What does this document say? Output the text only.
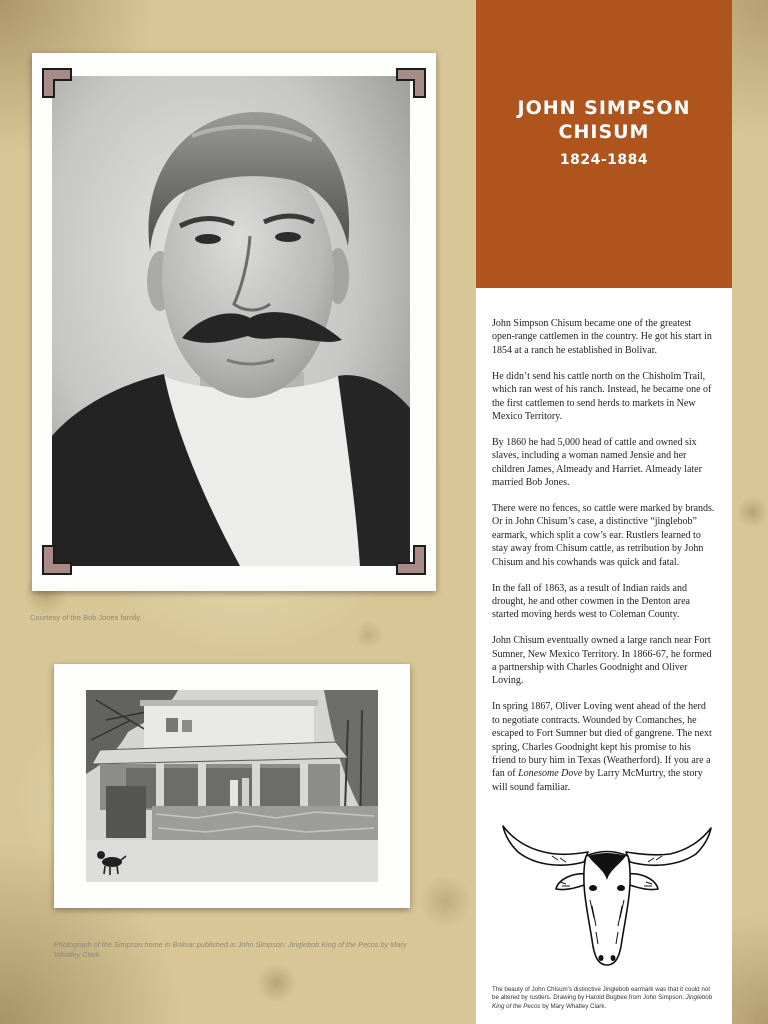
Courtesy of the Bob Jones family.
Photograph of the Simpson home in Bolivar published in John Simpson: Jinglebob King of the Pecos by Mary Whatley Clark.
JOHN SIMPSON
CHISUM
1824-1884

John Simpson Chisum became one of the greatest open-range cattlemen in the country. He got his start in 1854 at a ranch he established in Bolivar.

He didn’t send his cattle north on the Chisholm Trail, which ran west of his ranch. Instead, he became one of the first cattlemen to send herds to markets in New Mexico Territory.

By 1860 he had 5,000 head of cattle and owned six slaves, including a woman named Jensie and her children James, Almeady and Harriet. Almeady later married Bob Jones.

There were no fences, so cattle were marked by brands. Or in John Chisum’s case, a distinctive “jinglebob” earmark, which split a cow’s ear. Rustlers learned to stay away from Chisum cattle, as retribution by John Chisum and his cowhands was quick and fatal.

In the fall of 1863, as a result of Indian raids and drought, he and other cowmen in the Denton area started moving herds west to Coleman County.

John Chisum eventually owned a large ranch near Fort Sumner, New Mexico Territory. In 1866-67, he formed a partnership with Charles Goodnight and Oliver Loving.

In spring 1867, Oliver Loving went ahead of the herd to negotiate contracts. Wounded by Comanches, he escaped to Fort Sumner but died of gangrene. The next spring, Charles Goodnight kept his promise to his friend to bury him in Texas (Weatherford). If you are a fan of Lonesome Dove by Larry McMurtry, the story will sound familiar.

The beauty of John Chisum’s distinctive Jinglebob earmark was that it could not be altered by rustlers. Drawing by Harold Bugbee from John Simpson: Jinglebob King of the Pecos by Mary Whatley Clark.
